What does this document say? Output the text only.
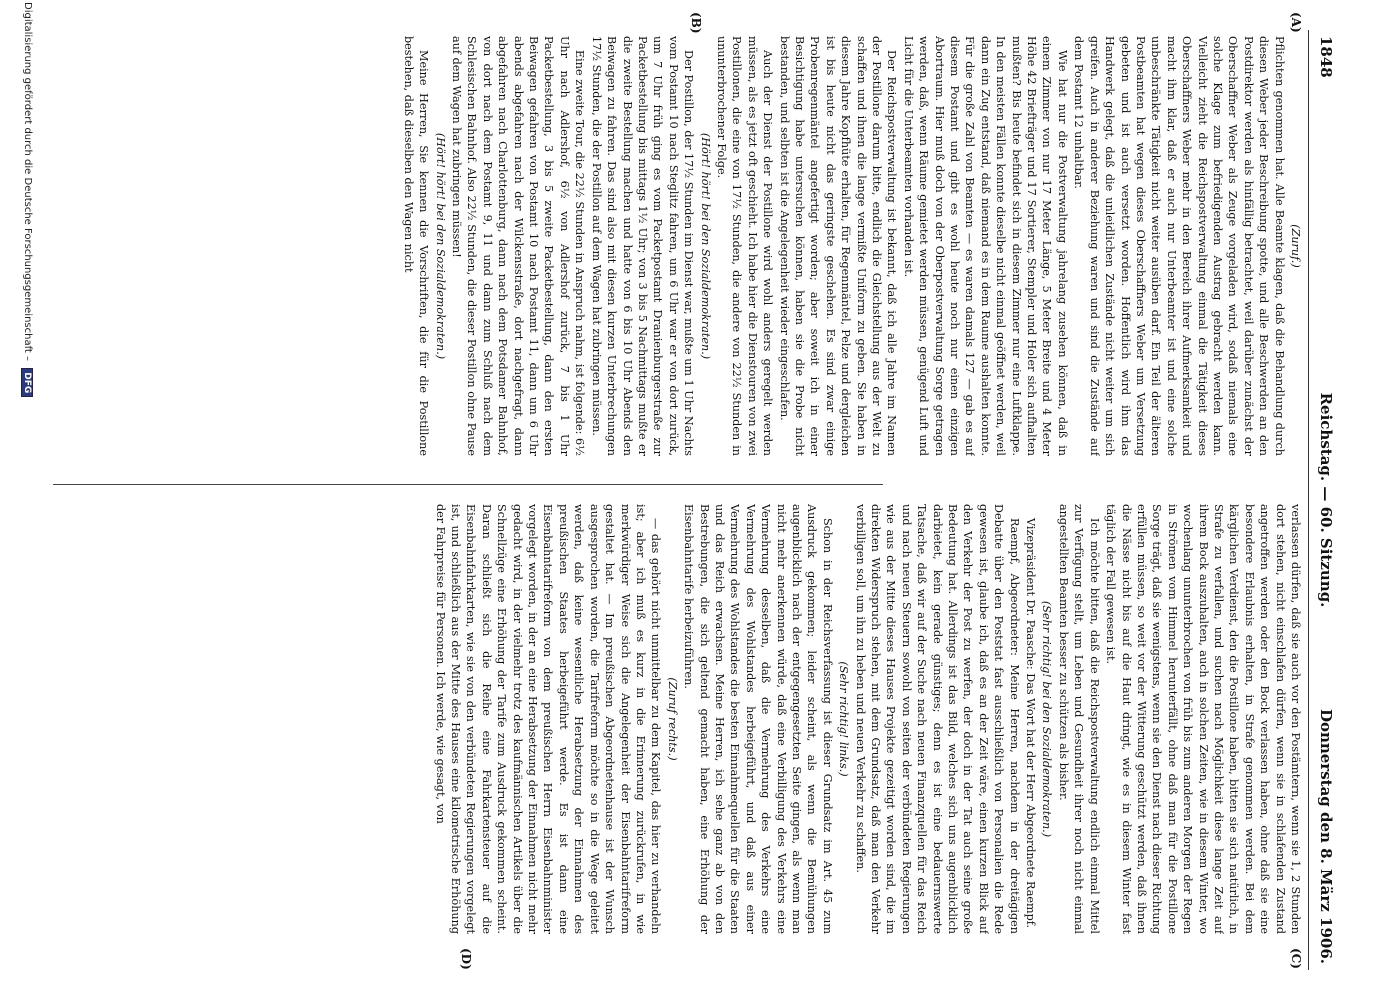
1848
Reichstag. — 60. Sitzung.
Donnerstag den 8. März 1906.
(A)
(B)
(C)
(D)

(Zuruf.)

Pflichten genommen hat. Alle Beamte klagen, daß die Behandlung durch diesen Weber jeder Beschreibung spotte, und alle Beschwerden an den Postdirektor werden als hinfällig betrachtet, weil darüber zunächst der Oberschaffner Weber als Zeuge vorgeladen wird, sodaß niemals eine solche Klage zum befriedigenden Austrag gebracht werden kann. Vielleicht zieht die Reichspostverwaltung einmal die Tätigkeit dieses Oberschaffners Weber mehr in den Bereich ihrer Aufmerksamkeit und macht ihm klar, daß er auch nur Unterbeamter ist und eine solche unbeschränkte Tätigkeit nicht weiter ausüben darf. Ein Teil der älteren Postbeamten hat wegen dieses Oberschaffners Weber um Versetzung gebeten und ist auch versetzt worden. Hoffentlich wird ihm das Handwerk gelegt, daß die unleidlichen Zustände nicht weiter um sich greifen. Auch in anderer Beziehung waren und sind die Zustände auf dem Postamt 12 unhaltbar.

Wie hat nur die Postverwaltung jahrelang zusehen können, daß in einem Zimmer von nur 17 Meter Länge, 5 Meter Breite und 4 Meter Höhe 42 Briefträger und 17 Sortierer, Stempler und Holer sich aufhalten mußten? Bis heute befindet sich in diesem Zimmer nur eine Luftklappe. In den meisten Fällen konnte dieselbe nicht einmal geöffnet werden, weil dann ein Zug entstand, daß niemand es in dem Raume aushalten konnte. Für die große Zahl von Beamten — es waren damals 127 — gab es auf diesem Postamt und gibt es wohl heute noch nur einen einzigen Abortraum. Hier muß doch von der Oberpostverwaltung Sorge getragen werden, daß, wenn Räume gemietet werden müssen, genügend Luft und Licht für die Unterbeamten vorhanden ist.

Der Reichspostverwaltung ist bekannt, daß ich alle Jahre im Namen der Postillone darum bitte, endlich die Gleichstellung aus der Welt zu schaffen und ihnen die lange vermißte Uniform zu geben. Sie haben in diesem Jahre Kopfhüte erhalten, für Regenmäntel, Pelze und dergleichen ist bis heute nicht das geringste geschehen. Es sind zwar einige Probenregenmäntel angefertigt worden; aber soweit ich in einer Besichtigung habe untersuchen können, haben sie die Probe nicht bestanden, und selbten ist die Angelegenheit wieder eingeschlafen.

Auch der Dienst der Postillone wird wohl anders geregelt werden müssen, als es jetzt oft geschieht. Ich habe hier die Dienstouren von zwei Postillonen, die eine von 17½ Stunden, die andere von 22½ Stunden in ununterbrochener Folge.

(Hört! hört! bei den Sozialdemokraten.)

Der Postillon, der 17½ Stunden im Dienst war, mußte um 1 Uhr Nachts vom Postamt 10 nach Steglitz fahren, um 6 Uhr war er von dort zurück, um 7 Uhr früh ging es vom Packetpostamt Dranienburgerstraße zur Packetbestellung bis mittags 1½ Uhr; von 3 bis 5 Nachmittags mußte er die zweite Bestellung machen und hatte von 6 bis 10 Uhr Abends den Beiwagen zu fahren. Das sind also mit diesen kurzen Unterbrechungen 17½ Stunden, die der Postillon auf dem Wagen hat zubringen müssen.

Eine zweite Tour, die 22½ Stunden in Anspruch nahm, ist folgende: 6½ Uhr nach Adlershof, 6½ von Adlershof zurück, 7 bis 1 Uhr Packetbestellung, 3 bis 5 zweite Packetbestellung, dann den ersten Beiwagen gefahren von Postamt 10 nach Postamt 11, dann um 6 Uhr abends abgefahren nach der Wilckensstraße, dort nachgefragt, dann abgefahren nach Charlottenburg, dann nach dem Potsdamer Bahnhof, von dort nach dem Postamt 9, 11 und dann zum Schluß nach dem Schlesischen Bahnhof. Also 22½ Stunden, die dieser Postillon ohne Pause auf dem Wagen hat zubringen müssen!

(Hört! hört! bei den Sozialdemokraten.)

Meine Herren, Sie kennen die Vorschriften, die für die Postillone bestehen, daß dieselben den Wagen nicht

verlassen dürfen, daß sie auch vor den Postämtern, wenn sie 1, 2 Stunden dort stehen, nicht einschlafen dürfen, wenn sie in schlafenden Zustand angetroffen werden oder den Bock verlassen haben, ohne daß sie eine besondere Erlaubnis erhalten, in Strafe genommen werden. Bei dem kärglichen Verdienst, den die Postillone haben, bitten sie sich natürlich, in Strafe zu verfallen, und suchen nach Möglichkeit diese lange Zeit auf ihrem Bock auszuhalten, auch in solchen Zeiten, wie in diesem Winter, wo wochenlang ununterbrochen von früh bis zum anderen Morgen der Regen in Strömen vom Himmel herunterfällt, ohne daß man für die Postillone Sorge trägt, daß sie wenigstens, wenn sie den Dienst nach dieser Richtung erfüllen müssen, so weit vor der Witterung geschützt werden, daß ihnen die Nässe nicht bis auf die Haut dringt, wie es in diesem Winter fast täglich der Fall gewesen ist.

Ich möchte bitten, daß die Reichspostverwaltung endlich einmal Mittel zur Verfügung stellt, um Leben und Gesundheit ihrer noch nicht einmal angestellten Beamten besser zu schützen als bisher.

(Sehr richtig! bei den Sozialdemokraten.)

Vizepräsident Dr. Paasche: Das Wort hat der Herr Abgeordnete Raempf.

Raempf, Abgeordneter: Meine Herren, nachdem in der dreitägigen Debatte über den Poststat fast ausschließlich von Personalien die Rede gewesen ist, glaube ich, daß es an der Zeit wäre, einen kurzen Blick auf den Verkehr der Post zu werfen, der doch in der Tat auch seine große Bedeutung hat. Allerdings ist das Bild, welches sich uns augenblicklich darbietet, kein gerade günstiges; denn es ist eine bedauernswerte Tatsache, daß wir auf der Suche nach neuen Finanzquellen für das Reich und nach neuen Steuern sowohl von seiten der verbündeten Regierungen wie aus der Mitte dieses Hauses Projekte gezeitigt worden sind, die im direkten Widerspruch stehen, mit dem Grundsatz, daß man den Verkehr verbilligen soll, um ihn zu heben und neuen Verkehr zu schaffen.

(Sehr richtig! links.)

Schon in der Reichsverfassung ist dieser Grundsatz im Art. 45 zum Ausdruck gekommen; leider scheint, als wenn die Bemühungen augenblicklich nach der entgegengesetzten Seite gingen, als wenn man nicht mehr anerkennen würde, daß eine Verbilligung des Verkehrs eine Vermehrung desselben, daß die Vermehrung des Verkehrs eine Vermehrung des Wohlstandes herbeigeführt, und daß aus einer Vermehrung des Wohlstandes die besten Einnahmequellen für die Staaten und das Reich erwachsen. Meine Herren, ich sehe ganz ab von den Bestrebungen, die sich geltend gemacht haben, eine Erhöhung der Eisenbahntarife herbeizuführen.

(Zuruf rechts.)

— das gehört nicht unmittelbar zu dem Kapitel, das hier zu verhandeln ist; aber ich muß es kurz in die Erinnerung zurückrufen, in wie merkwürdiger Weise sich die Angelegenheit der Eisenbahntarifreform gestaltet hat. — Im preußischen Abgeordnetenhause ist der Wunsch ausgesprochen worden, die Tarifreform möchte so in die Wege geleitet werden, daß keine wesentliche Herabsetzung der Einnahmen des preußischen Staates herbeigeführt werde. Es ist dann eine Eisenbahntarifreform von dem preußischen Herrn Eisenbahnminister vorgelegt worden, in der an eine Herabsetzung der Einnahmen nicht mehr gedacht wird, in der vielmehr trotz des kaufmännischen Artikels über die Schnellzüge eine Erhöhung der Tarife zum Ausdruck gekommen scheint. Daran schließt sich die Reihe eine Fahrkartensteuer auf die Eisenbahnfahrkarten, wie sie von den verbündeten Regierungen vorgelegt ist, und schließlich aus der Mitte des Hauses eine kilometrische Erhöhung der Fahrpreise für Personen. Ich werde, wie gesagt, von

Digitalisierung gefördert durch die Deutsche Forschungsgemeinschaft – DFG
